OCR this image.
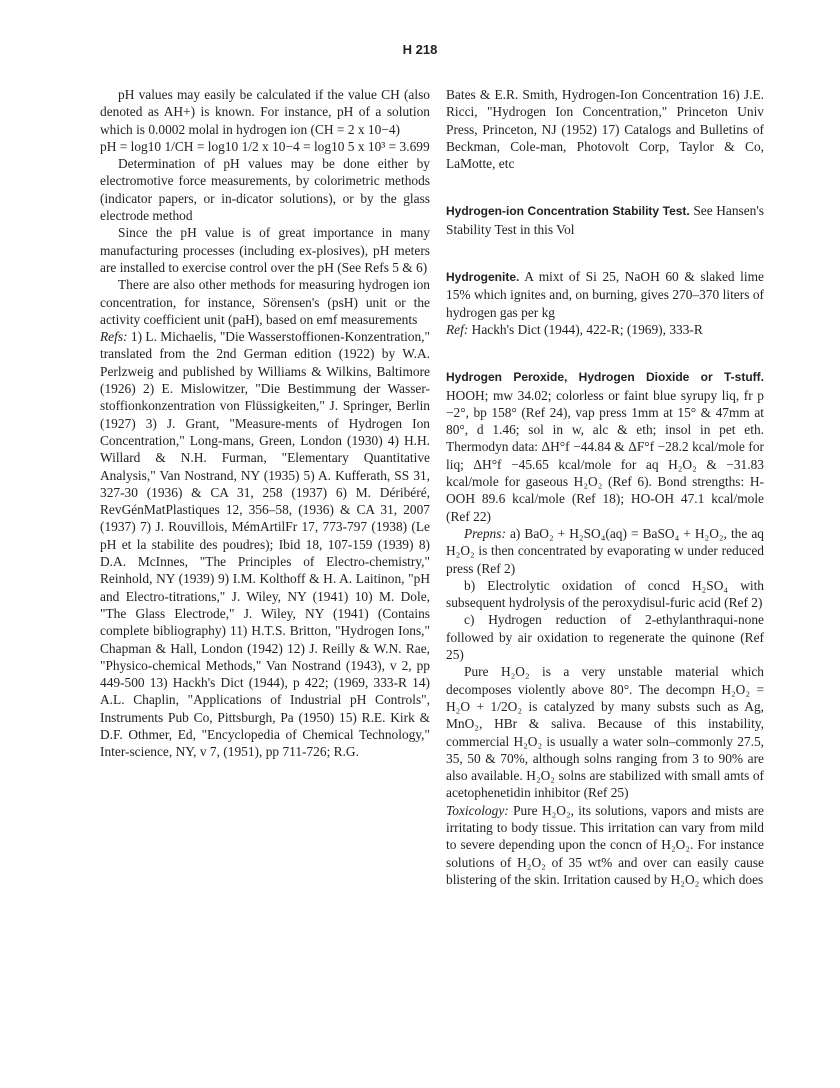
H 218

pH values may easily be calculated if the value CH (also denoted as AH+) is known. For instance, pH of a solution which is 0.0002 molal in hydrogen ion (CH = 2 x 10−4)

pH = log10 1/CH = log10 1/2 x 10−4 = log10 5 x 10³ = 3.699

Determination of pH values may be done either by electromotive force measurements, by colorimetric methods (indicator papers, or in-dicator solutions), or by the glass electrode method

Since the pH value is of great importance in many manufacturing processes (including ex-plosives), pH meters are installed to exercise control over the pH (See Refs 5 & 6)

There are also other methods for measuring hydrogen ion concentration, for instance, Sörensen's (psH) unit or the activity coefficient unit (paH), based on emf measurements

Refs: 1) L. Michaelis, "Die Wasserstoffionen-Konzentration," translated from the 2nd German edition (1922) by W.A. Perlzweig and published by Williams & Wilkins, Baltimore (1926) 2) E. Mislowitzer, "Die Bestimmung der Wasser-stoffionkonzentration von Flüssigkeiten," J. Springer, Berlin (1927) 3) J. Grant, "Measure-ments of Hydrogen Ion Concentration," Long-mans, Green, London (1930) 4) H.H. Willard & N.H. Furman, "Elementary Quantitative Analysis," Van Nostrand, NY (1935) 5) A. Kufferath, SS 31, 327-30 (1936) & CA 31, 258 (1937) 6) M. Déribéré, RevGénMatPlastiques 12, 356–58, (1936) & CA 31, 2007 (1937) 7) J. Rouvillois, MémArtilFr 17, 773-797 (1938) (Le pH et la stabilite des poudres); Ibid 18, 107-159 (1939) 8) D.A. McInnes, "The Principles of Electro-chemistry," Reinhold, NY (1939) 9) I.M. Kolthoff & H. A. Laitinon, "pH and Electro-titrations," J. Wiley, NY (1941) 10) M. Dole, "The Glass Electrode," J. Wiley, NY (1941) (Contains complete bibliography) 11) H.T.S. Britton, "Hydrogen Ions," Chapman & Hall, London (1942) 12) J. Reilly & W.N. Rae, "Physico-chemical Methods," Van Nostrand (1943), v 2, pp 449-500 13) Hackh's Dict (1944), p 422; (1969, 333-R 14) A.L. Chaplin, "Applications of Industrial pH Controls", Instruments Pub Co, Pittsburgh, Pa (1950) 15) R.E. Kirk & D.F. Othmer, Ed, "Encyclopedia of Chemical Technology," Inter-science, NY, v 7, (1951), pp 711-726; R.G.

Bates & E.R. Smith, Hydrogen-Ion Concentration 16) J.E. Ricci, "Hydrogen Ion Concentration," Princeton Univ Press, Princeton, NJ (1952) 17) Catalogs and Bulletins of Beckman, Cole-man, Photovolt Corp, Taylor & Co, LaMotte, etc

Hydrogen-ion Concentration Stability Test. See Hansen's Stability Test in this Vol

Hydrogenite. A mixt of Si 25, NaOH 60 & slaked lime 15% which ignites and, on burning, gives 270–370 liters of hydrogen gas per kg

Ref: Hackh's Dict (1944), 422-R; (1969), 333-R

Hydrogen Peroxide, Hydrogen Dioxide or T-stuff. HOOH; mw 34.02; colorless or faint blue syrupy liq, fr p −2°, bp 158° (Ref 24), vap press 1mm at 15° & 47mm at 80°, d 1.46; sol in w, alc & eth; insol in pet eth. Thermodyn data: ΔH°f −44.84 & ΔF°f −28.2 kcal/mole for liq; ΔH°f −45.65 kcal/mole for aq H₂O₂ & −31.83 kcal/mole for gaseous H₂O₂ (Ref 6). Bond strengths: H-OOH 89.6 kcal/mole (Ref 18); HO-OH 47.1 kcal/mole (Ref 22)

Prepns: a) BaO₂ + H₂SO₄(aq) = BaSO₄ + H₂O₂, the aq H₂O₂ is then concentrated by evaporating w under reduced press (Ref 2)

b) Electrolytic oxidation of concd H₂SO₄ with subsequent hydrolysis of the peroxydisul-furic acid (Ref 2)

c) Hydrogen reduction of 2-ethylanthraqui-none followed by air oxidation to regenerate the quinone (Ref 25)

Pure H₂O₂ is a very unstable material which decomposes violently above 80°. The decompn H₂O₂ = H₂O + 1/2O₂ is catalyzed by many substs such as Ag, MnO₂, HBr & saliva. Because of this instability, commercial H₂O₂ is usually a water soln–commonly 27.5, 35, 50 & 70%, although solns ranging from 3 to 90% are also available. H₂O₂ solns are stabilized with small amts of acetophenetidin inhibitor (Ref 25)

Toxicology: Pure H₂O₂, its solutions, vapors and mists are irritating to body tissue. This irritation can vary from mild to severe depending upon the concn of H₂O₂. For instance solutions of H₂O₂ of 35 wt% and over can easily cause blistering of the skin. Irritation caused by H₂O₂ which does
